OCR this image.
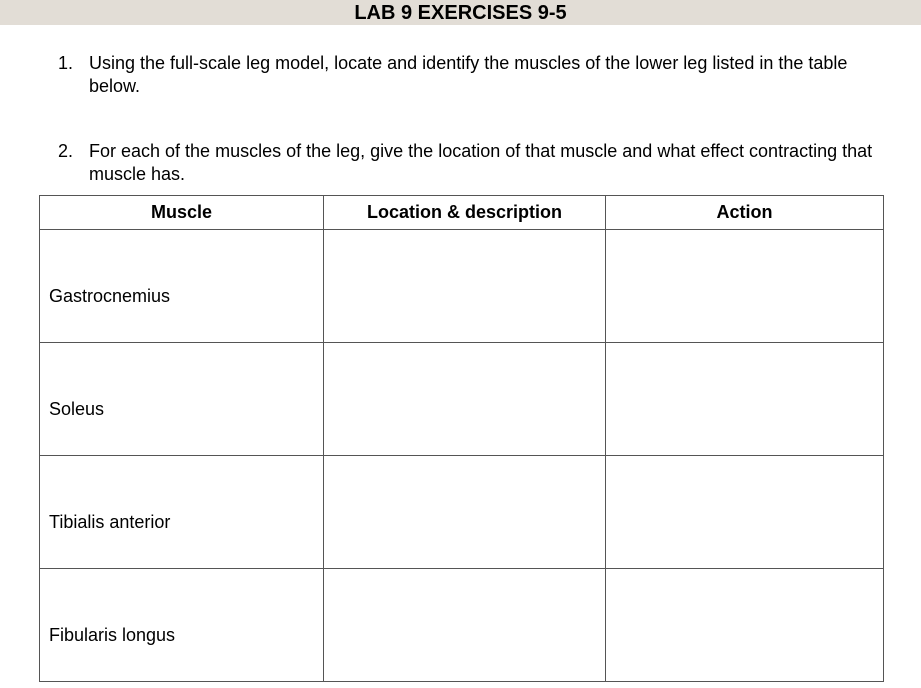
LAB 9 EXERCISES 9-5

1. Using the full-scale leg model, locate and identify the muscles of the lower leg listed in the table below.

2. For each of the muscles of the leg, give the location of that muscle and what effect contracting that muscle has.

Muscle	Location & description	Action
Gastrocnemius		
Soleus		
Tibialis anterior		
Fibularis longus		
